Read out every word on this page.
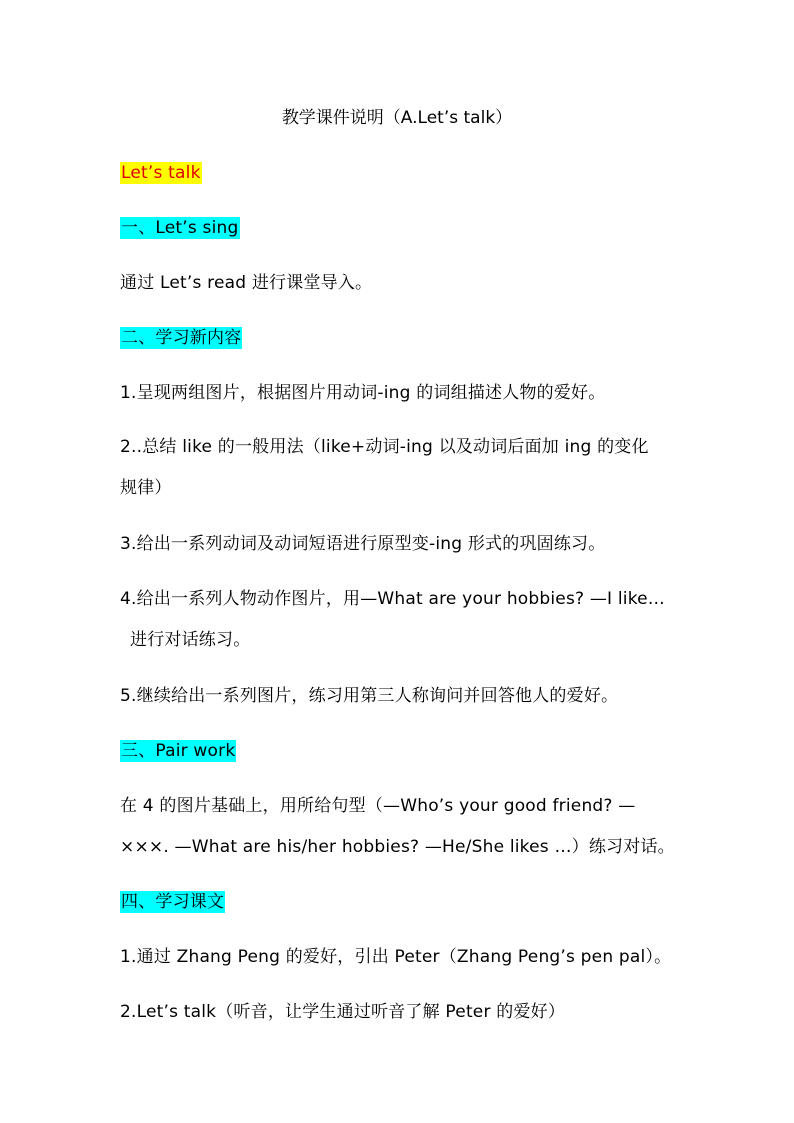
教学课件说明（A.Let’s talk）
Let’s talk
一、Let’s sing
通过 Let’s read 进行课堂导入。
二、学习新内容
1.呈现两组图片，根据图片用动词-ing 的词组描述人物的爱好。
2..总结 like 的一般用法（like+动词-ing 以及动词后面加 ing 的变化
规律）
3.给出一系列动词及动词短语进行原型变-ing 形式的巩固练习。
4.给出一系列人物动作图片，用—What are your hobbies? —I like…
进行对话练习。
5.继续给出一系列图片，练习用第三人称询问并回答他人的爱好。
三、Pair work
在 4 的图片基础上，用所给句型（—Who’s your good friend? —
×××. —What are his/her hobbies? —He/She likes …）练习对话。
四、学习课文
1.通过 Zhang Peng 的爱好，引出 Peter（Zhang Peng’s pen pal）。
2.Let’s talk（听音，让学生通过听音了解 Peter 的爱好）
